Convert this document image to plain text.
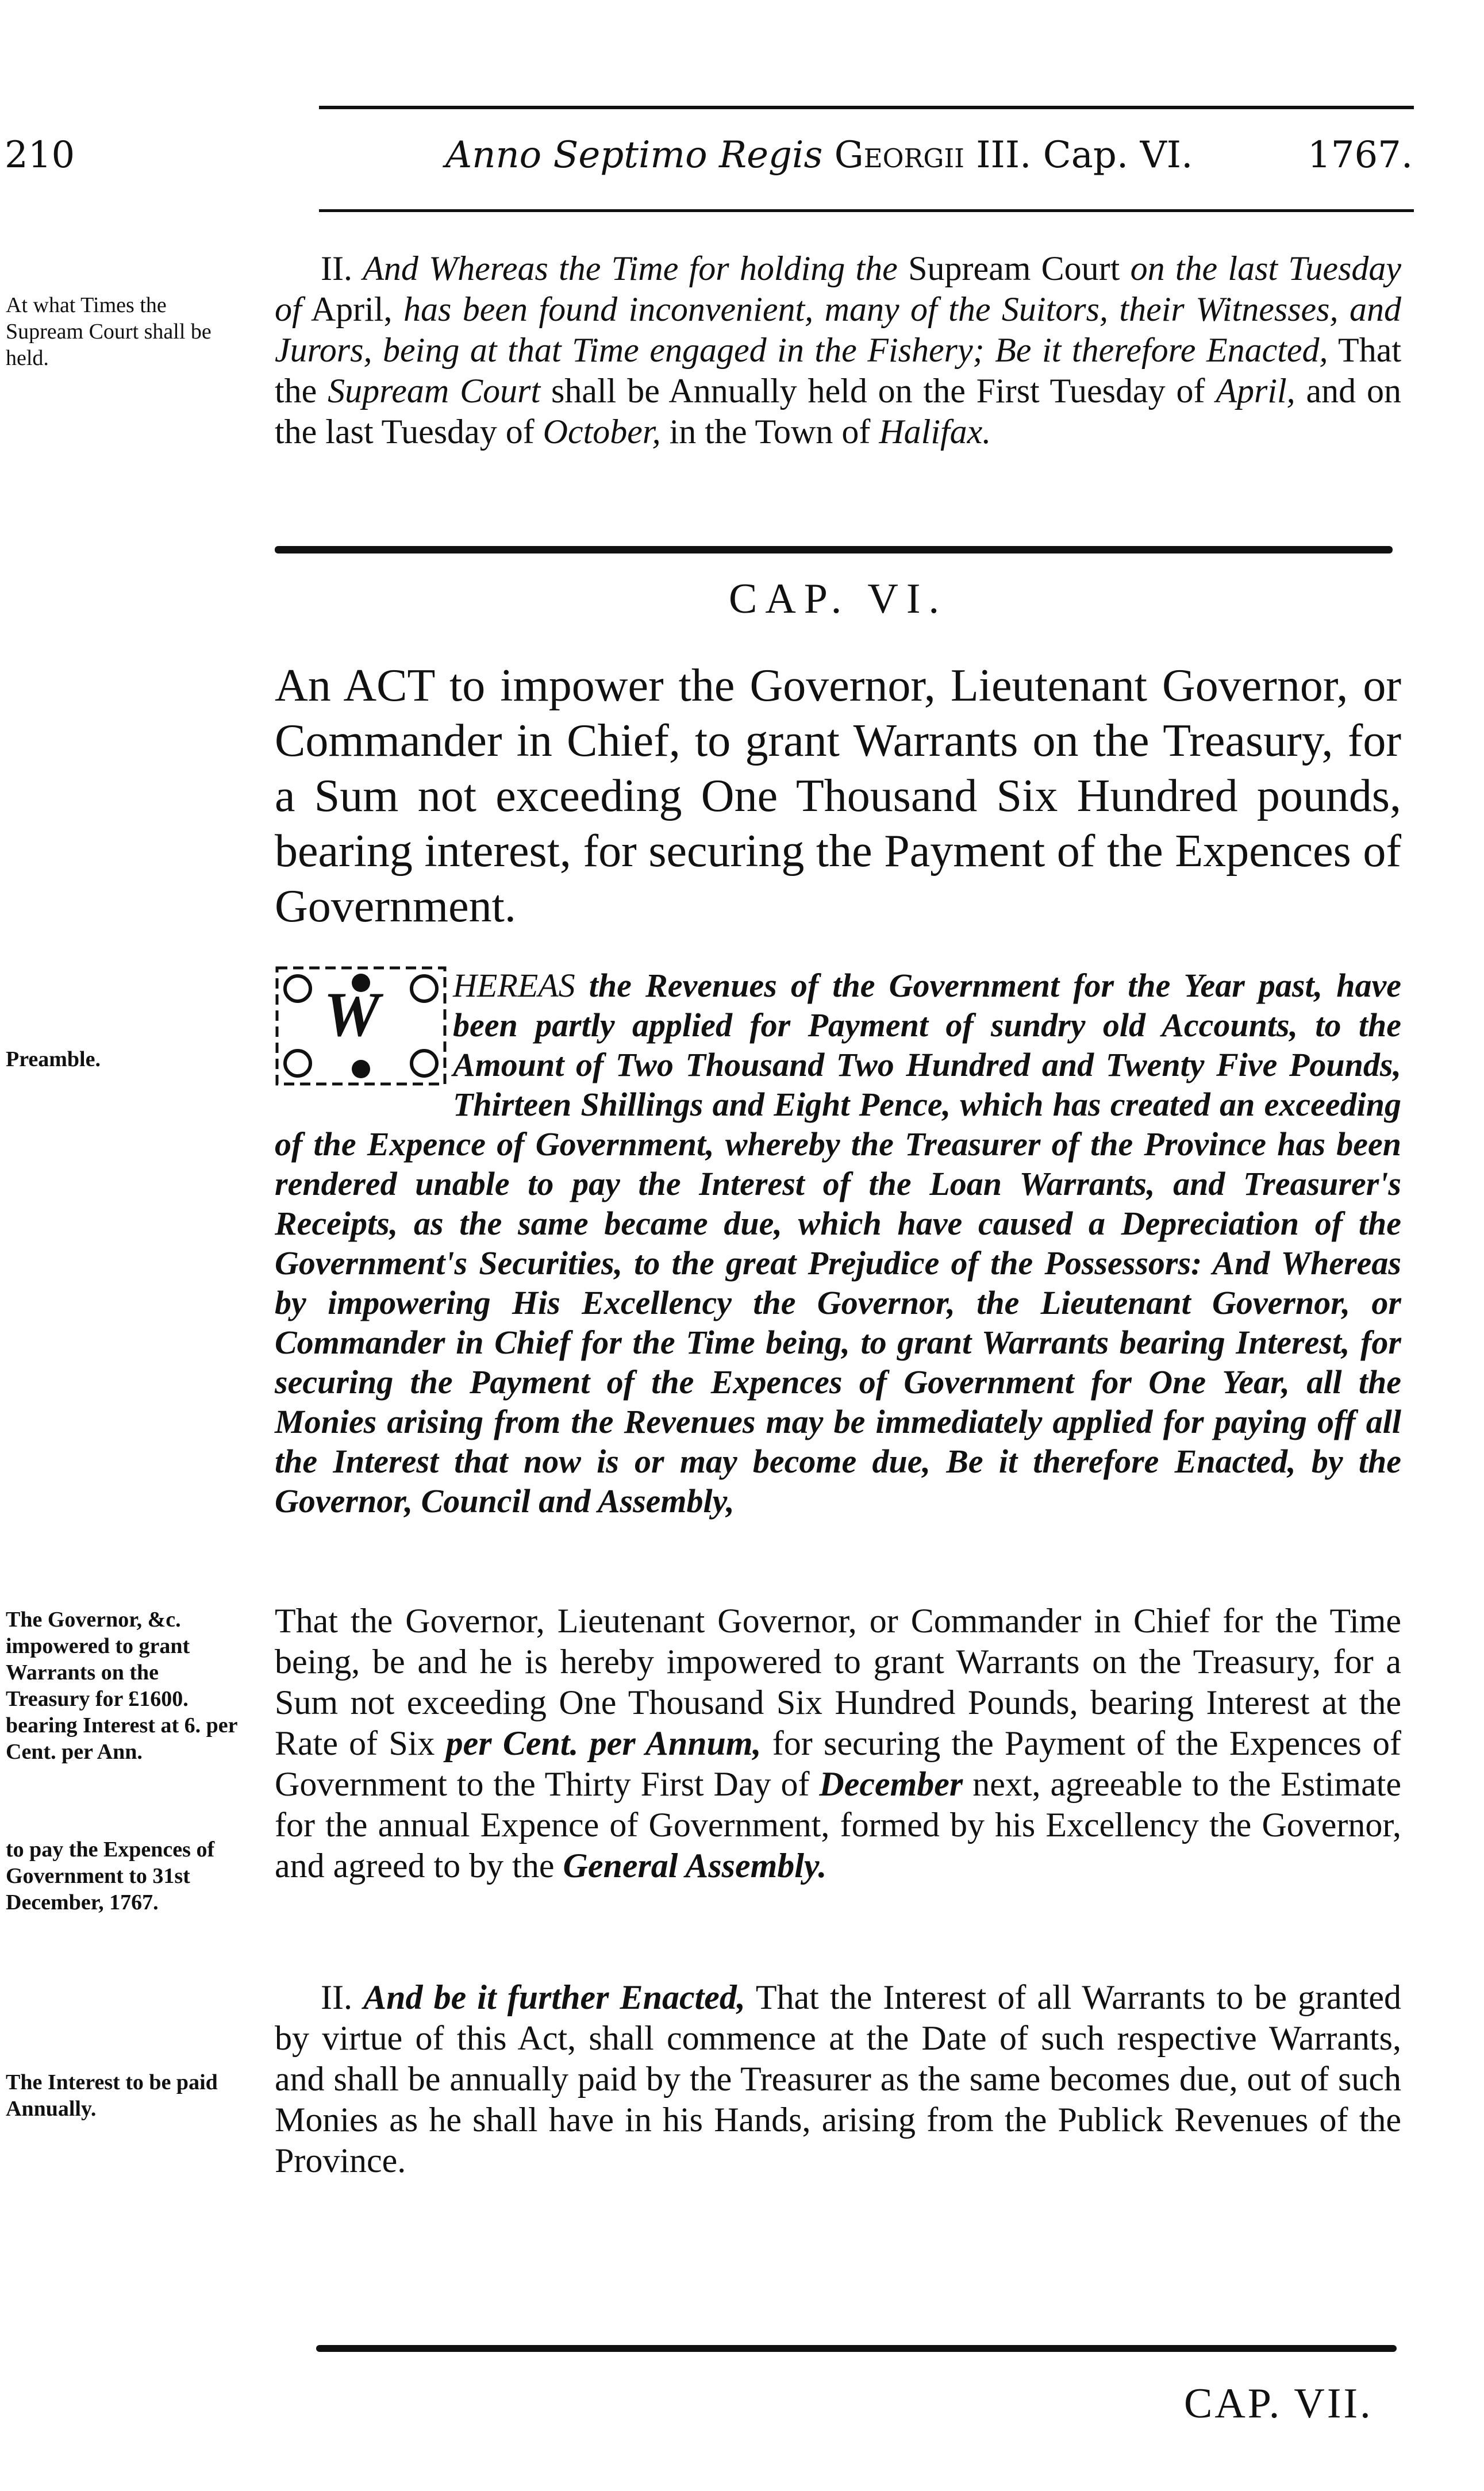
210	Anno Septimo Regis Georgii III. Cap. VI.	1767.
At what Times the Supream Court shall be held.
Preamble.
The Governor, &c. impowered to grant Warrants on the Treasury for £1600. bearing Interest at 6. per Cent. per Ann.
to pay the Expences of Government to 31st December, 1767.
The Interest to be paid Annually.

II. And Whereas the Time for holding the Supream Court on the last Tuesday of April, has been found inconvenient, many of the Suitors, their Witnesses, and Jurors, being at that Time engaged in the Fishery; Be it therefore Enacted, That the Supream Court shall be Annually held on the First Tuesday of April, and on the last Tuesday of October, in the Town of Halifax.

CAP. VI.
An ACT to impower the Governor, Lieutenant Governor, or Commander in Chief, to grant Warrants on the Treasury, for a Sum not exceeding One Thousand Six Hundred pounds, bearing interest, for securing the Payment of the Expences of Government.
W HEREAS the Revenues of the Government for the Year past, have been partly applied for Payment of sundry old Accounts, to the Amount of Two Thousand Two Hundred and Twenty Five Pounds, Thirteen Shillings and Eight Pence, which has created an exceeding of the Expence of Government, whereby the Treasurer of the Province has been rendered unable to pay the Interest of the Loan Warrants, and Treasurer's Receipts, as the same became due, which have caused a Depreciation of the Government's Securities, to the great Prejudice of the Possessors: And Whereas by impowering His Excellency the Governor, the Lieutenant Governor, or Commander in Chief for the Time being, to grant Warrants bearing Interest, for securing the Payment of the Expences of Government for One Year, all the Monies arising from the Revenues may be immediately applied for paying off all the Interest that now is or may become due, Be it therefore Enacted, by the Governor, Council and Assembly,

That the Governor, Lieutenant Governor, or Commander in Chief for the Time being, be and he is hereby impowered to grant Warrants on the Treasury, for a Sum not exceeding One Thousand Six Hundred Pounds, bearing Interest at the Rate of Six per Cent. per Annum, for securing the Payment of the Expences of Government to the Thirty First Day of December next, agreeable to the Estimate for the annual Expence of Government, formed by his Excellency the Governor, and agreed to by the General Assembly.

II. And be it further Enacted, That the Interest of all Warrants to be granted by virtue of this Act, shall commence at the Date of such respective Warrants, and shall be annually paid by the Treasurer as the same becomes due, out of such Monies as he shall have in his Hands, arising from the Publick Revenues of the Province.

CAP. VII.
